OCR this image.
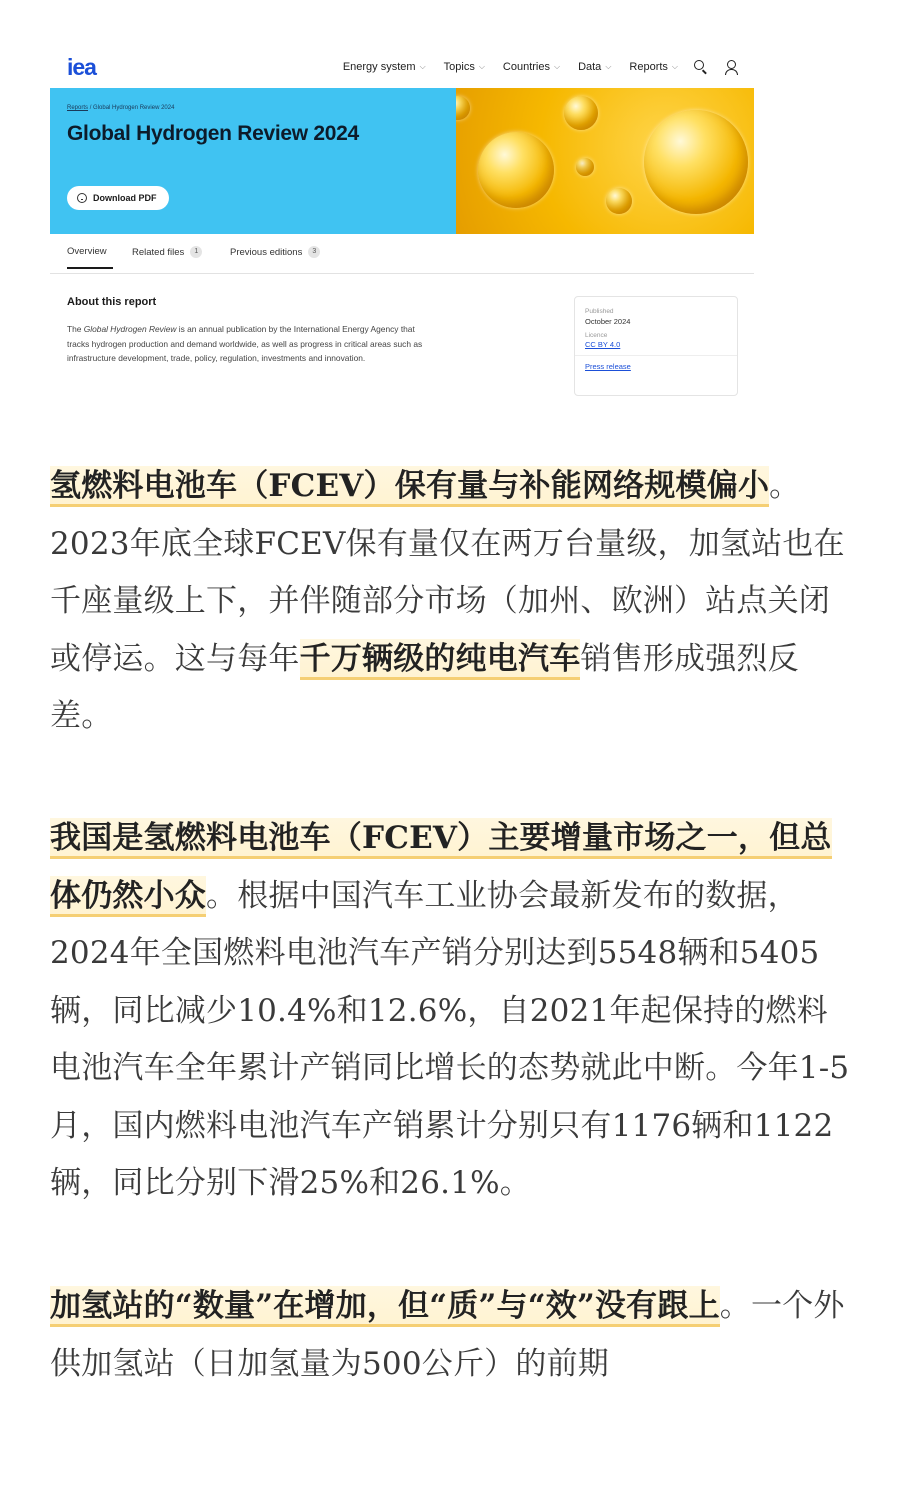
iea	Energy system ⌵ Topics ⌵ Countries ⌵ Data ⌵ Reports ⌵
Reports / Global Hydrogen Review 2024
Global Hydrogen Review 2024
Download PDF
Overview	Related files	1	Previous editions	3
About this report
The Global Hydrogen Review is an annual publication by the International Energy Agency that tracks hydrogen production and demand worldwide, as well as progress in critical areas such as infrastructure development, trade, policy, regulation, investments and innovation.
Published
October 2024
Licence
CC BY 4.0
Press release
氢燃料电池车（FCEV）保有量与补能网络规模偏小。2023年底全球FCEV保有量仅在两万台量级，加氢站也在千座量级上下，并伴随部分市场（加州、欧洲）站点关闭或停运。这与每年千万辆级的纯电汽车销售形成强烈反差。
我国是氢燃料电池车（FCEV）主要增量市场之一，但总体仍然小众。根据中国汽车工业协会最新发布的数据，2024年全国燃料电池汽车产销分别达到5548辆和5405辆，同比减少10.4%和12.6%，自2021年起保持的燃料电池汽车全年累计产销同比增长的态势就此中断。今年1-5月，国内燃料电池汽车产销累计分别只有1176辆和1122辆，同比分别下滑25%和26.1%。
加氢站的“数量”在增加，但“质”与“效”没有跟上。一个外供加氢站（日加氢量为500公斤）的前期
